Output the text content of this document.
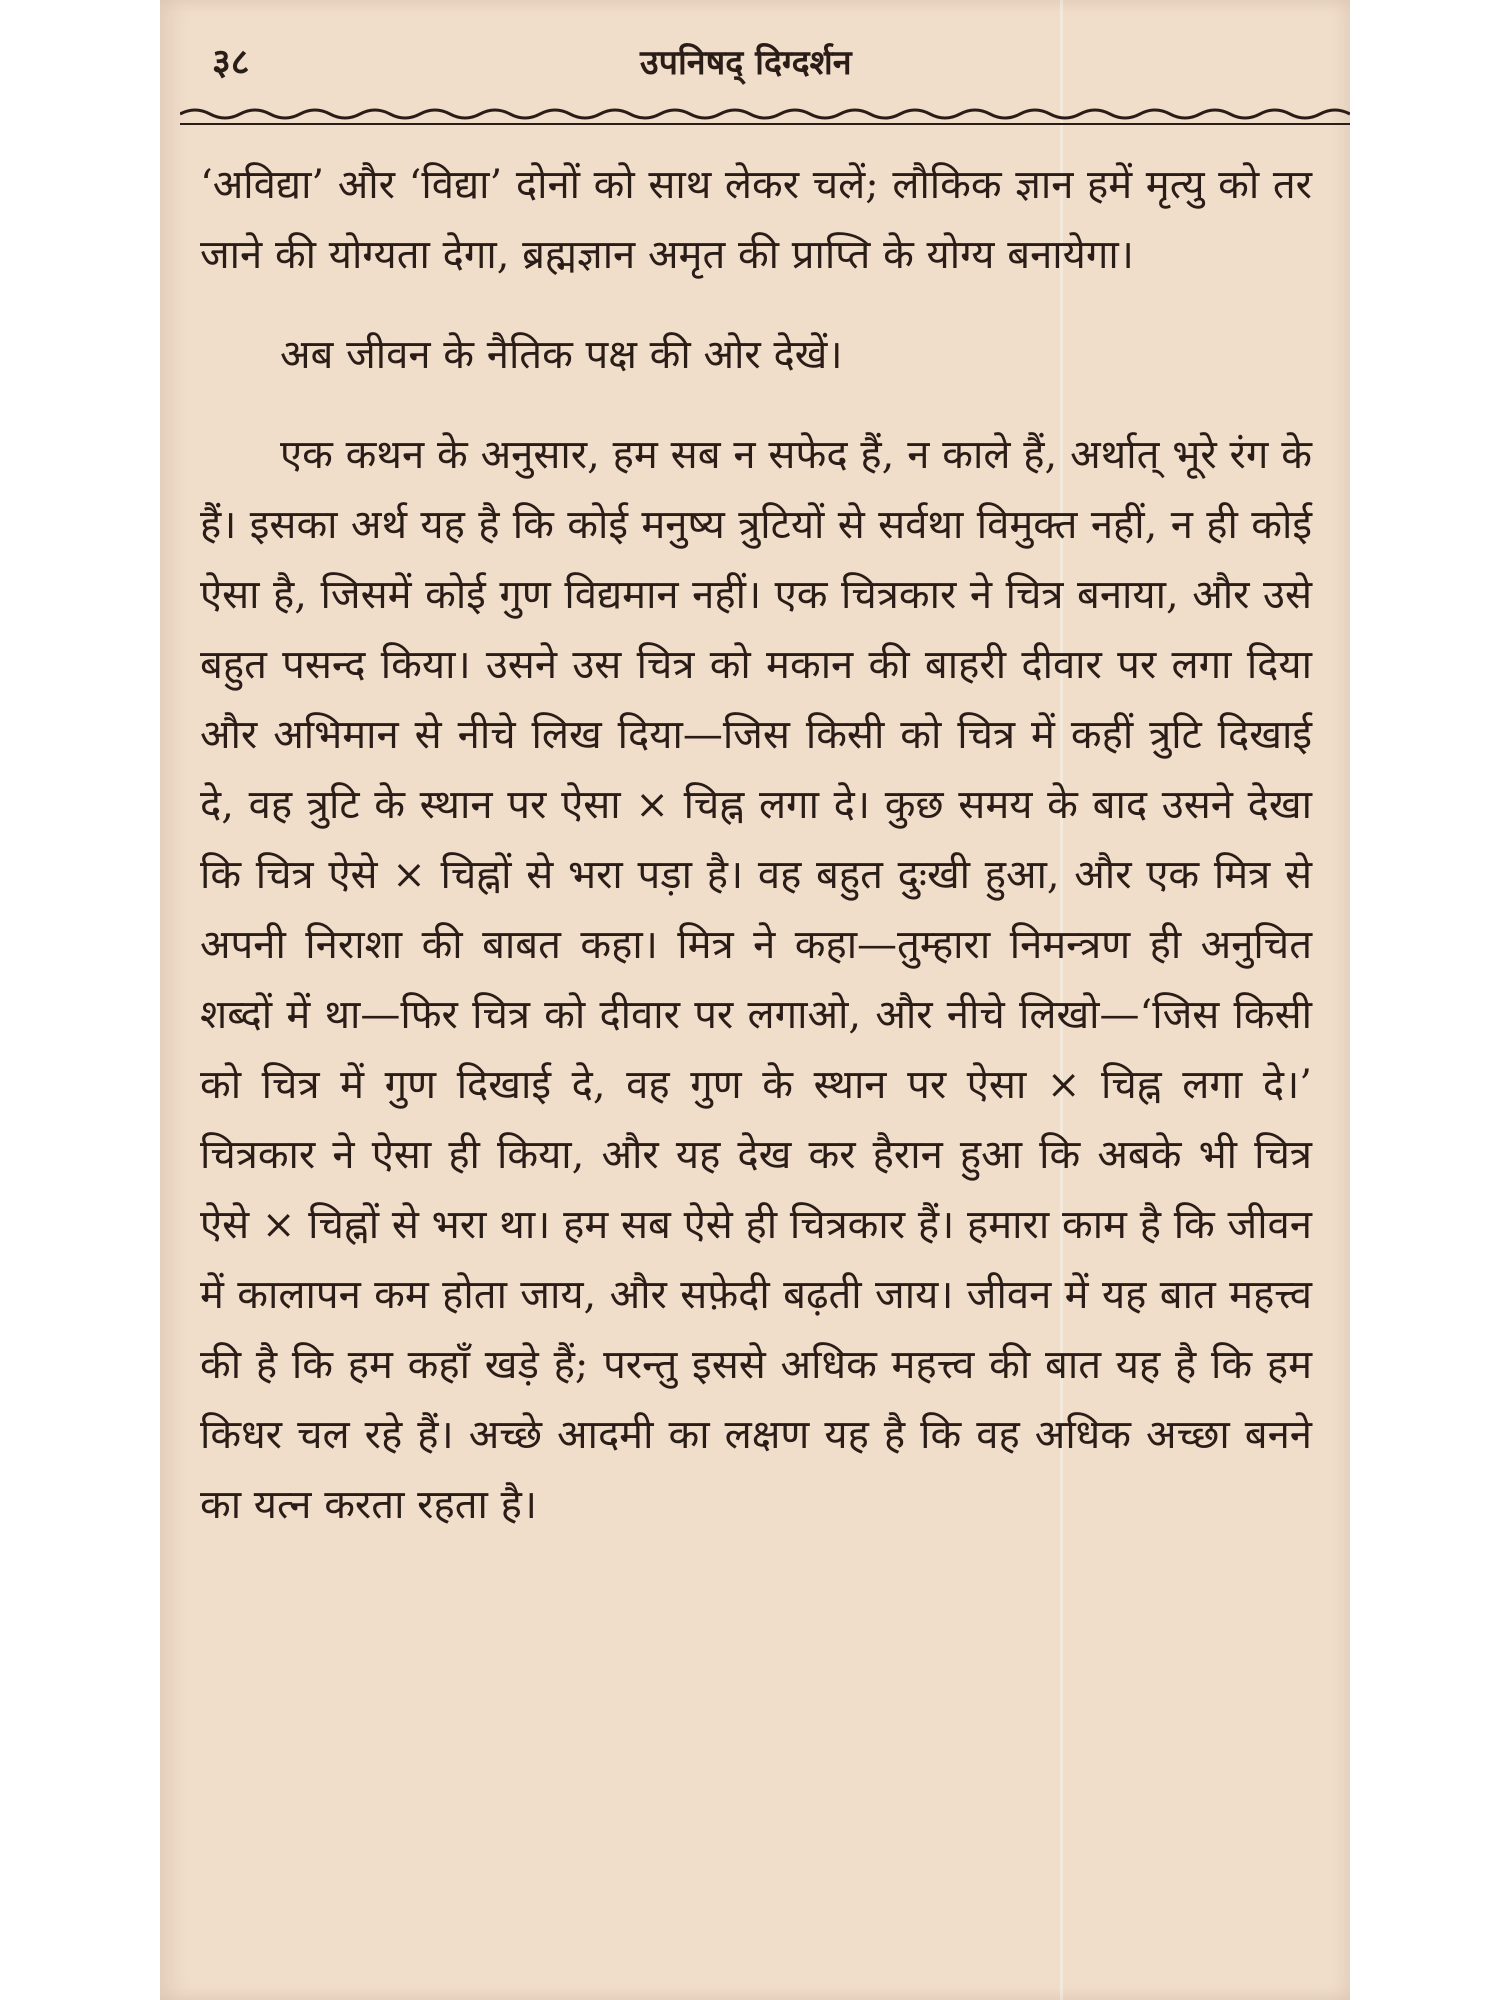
३८	उपनिषद् दिग्दर्शन

‘अविद्या’ और ‘विद्या’ दोनों को साथ लेकर चलें; लौकिक ज्ञान हमें मृत्यु को तर जाने की योग्यता देगा, ब्रह्मज्ञान अमृत की प्राप्ति के योग्य बनायेगा।

अब जीवन के नैतिक पक्ष की ओर देखें।

एक कथन के अनुसार, हम सब न सफेद हैं, न काले हैं, अर्थात् भूरे रंग के हैं। इसका अर्थ यह है कि कोई मनुष्य त्रुटियों से सर्वथा विमुक्त नहीं, न ही कोई ऐसा है, जिसमें कोई गुण विद्यमान नहीं। एक चित्रकार ने चित्र बनाया, और उसे बहुत पसन्द किया। उसने उस चित्र को मकान की बाहरी दीवार पर लगा दिया और अभिमान से नीचे लिख दिया—जिस किसी को चित्र में कहीं त्रुटि दिखाई दे, वह त्रुटि के स्थान पर ऐसा × चिह्न लगा दे। कुछ समय के बाद उसने देखा कि चित्र ऐसे × चिह्नों से भरा पड़ा है। वह बहुत दुःखी हुआ, और एक मित्र से अपनी निराशा की बाबत कहा। मित्र ने कहा—तुम्हारा निमन्त्रण ही अनुचित शब्दों में था—फिर चित्र को दीवार पर लगाओ, और नीचे लिखो—‘जिस किसी को चित्र में गुण दिखाई दे, वह गुण के स्थान पर ऐसा × चिह्न लगा दे।’ चित्रकार ने ऐसा ही किया, और यह देख कर हैरान हुआ कि अबके भी चित्र ऐसे × चिह्नों से भरा था। हम सब ऐसे ही चित्रकार हैं। हमारा काम है कि जीवन में कालापन कम होता जाय, और सफ़ेदी बढ़ती जाय। जीवन में यह बात महत्त्व की है कि हम कहाँ खड़े हैं; परन्तु इससे अधिक महत्त्व की बात यह है कि हम किधर चल रहे हैं। अच्छे आदमी का लक्षण यह है कि वह अधिक अच्छा बनने का यत्न करता रहता है।
